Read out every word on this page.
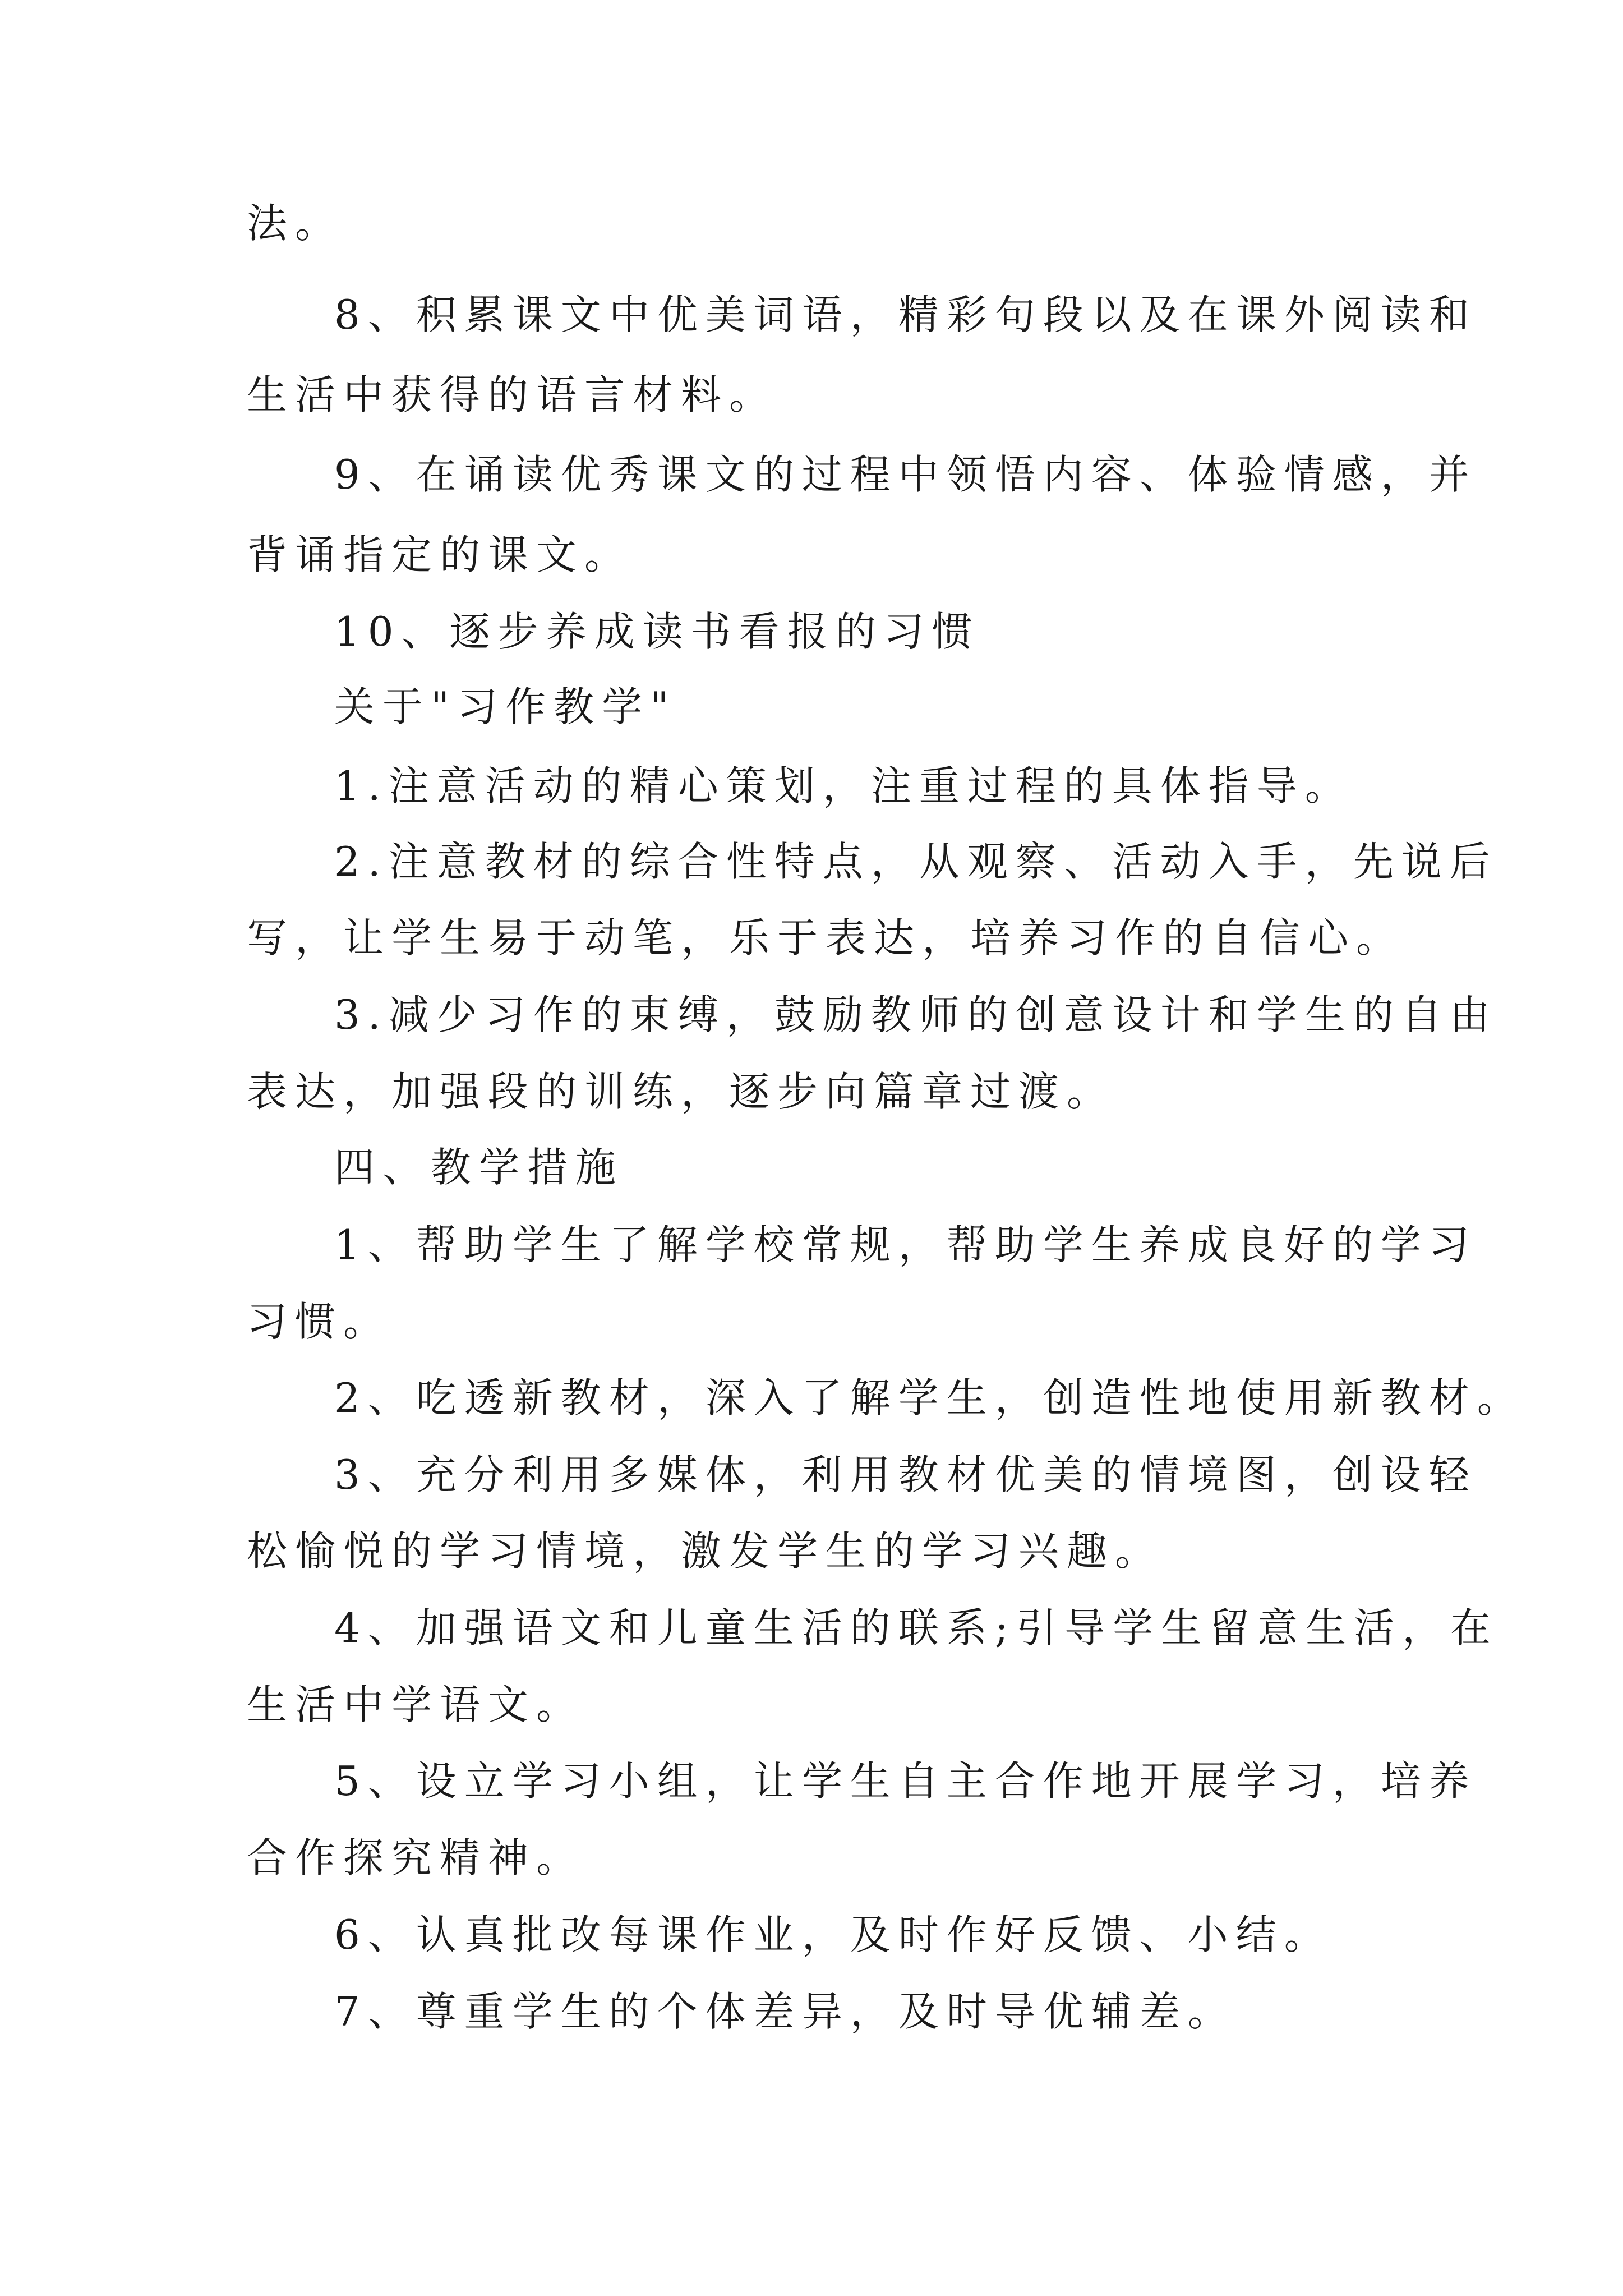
法。

8、积累课文中优美词语，精彩句段以及在课外阅读和

生活中获得的语言材料。

9、在诵读优秀课文的过程中领悟内容、体验情感，并

背诵指定的课文。

10、逐步养成读书看报的习惯

关于"习作教学"

1.注意活动的精心策划，注重过程的具体指导。

2.注意教材的综合性特点，从观察、活动入手，先说后

写，让学生易于动笔，乐于表达，培养习作的自信心。

3.减少习作的束缚，鼓励教师的创意设计和学生的自由

表达，加强段的训练，逐步向篇章过渡。

四、教学措施

1、帮助学生了解学校常规，帮助学生养成良好的学习

习惯。

2、吃透新教材，深入了解学生，创造性地使用新教材。

3、充分利用多媒体，利用教材优美的情境图，创设轻

松愉悦的学习情境，激发学生的学习兴趣。

4、加强语文和儿童生活的联系;引导学生留意生活，在

生活中学语文。

5、设立学习小组，让学生自主合作地开展学习，培养

合作探究精神。

6、认真批改每课作业，及时作好反馈、小结。

7、尊重学生的个体差异，及时导优辅差。
